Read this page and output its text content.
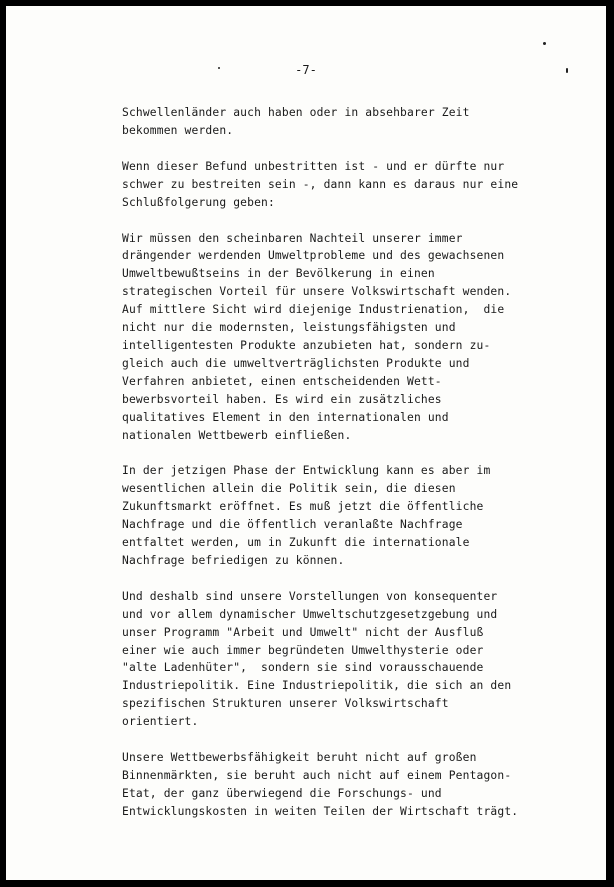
-7-

Schwellenländer auch haben oder in absehbarer Zeit
bekommen werden.

Wenn dieser Befund unbestritten ist - und er dürfte nur
schwer zu bestreiten sein -, dann kann es daraus nur eine
Schlußfolgerung geben:

Wir müssen den scheinbaren Nachteil unserer immer
drängender werdenden Umweltprobleme und des gewachsenen
Umweltbewußtseins in der Bevölkerung in einen
strategischen Vorteil für unsere Volkswirtschaft wenden.
Auf mittlere Sicht wird diejenige Industrienation,  die
nicht nur die modernsten, leistungsfähigsten und
intelligentesten Produkte anzubieten hat, sondern zu-
gleich auch die umweltverträglichsten Produkte und
Verfahren anbietet, einen entscheidenden Wett-
bewerbsvorteil haben. Es wird ein zusätzliches
qualitatives Element in den internationalen und
nationalen Wettbewerb einfließen.

In der jetzigen Phase der Entwicklung kann es aber im
wesentlichen allein die Politik sein, die diesen
Zukunftsmarkt eröffnet. Es muß jetzt die öffentliche
Nachfrage und die öffentlich veranlaßte Nachfrage
entfaltet werden, um in Zukunft die internationale
Nachfrage befriedigen zu können.

Und deshalb sind unsere Vorstellungen von konsequenter
und vor allem dynamischer Umweltschutzgesetzgebung und
unser Programm "Arbeit und Umwelt" nicht der Ausfluß
einer wie auch immer begründeten Umwelthysterie oder
"alte Ladenhüter",  sondern sie sind vorausschauende
Industriepolitik. Eine Industriepolitik, die sich an den
spezifischen Strukturen unserer Volkswirtschaft
orientiert.

Unsere Wettbewerbsfähigkeit beruht nicht auf großen
Binnenmärkten, sie beruht auch nicht auf einem Pentagon-
Etat, der ganz überwiegend die Forschungs- und
Entwicklungskosten in weiten Teilen der Wirtschaft trägt.
